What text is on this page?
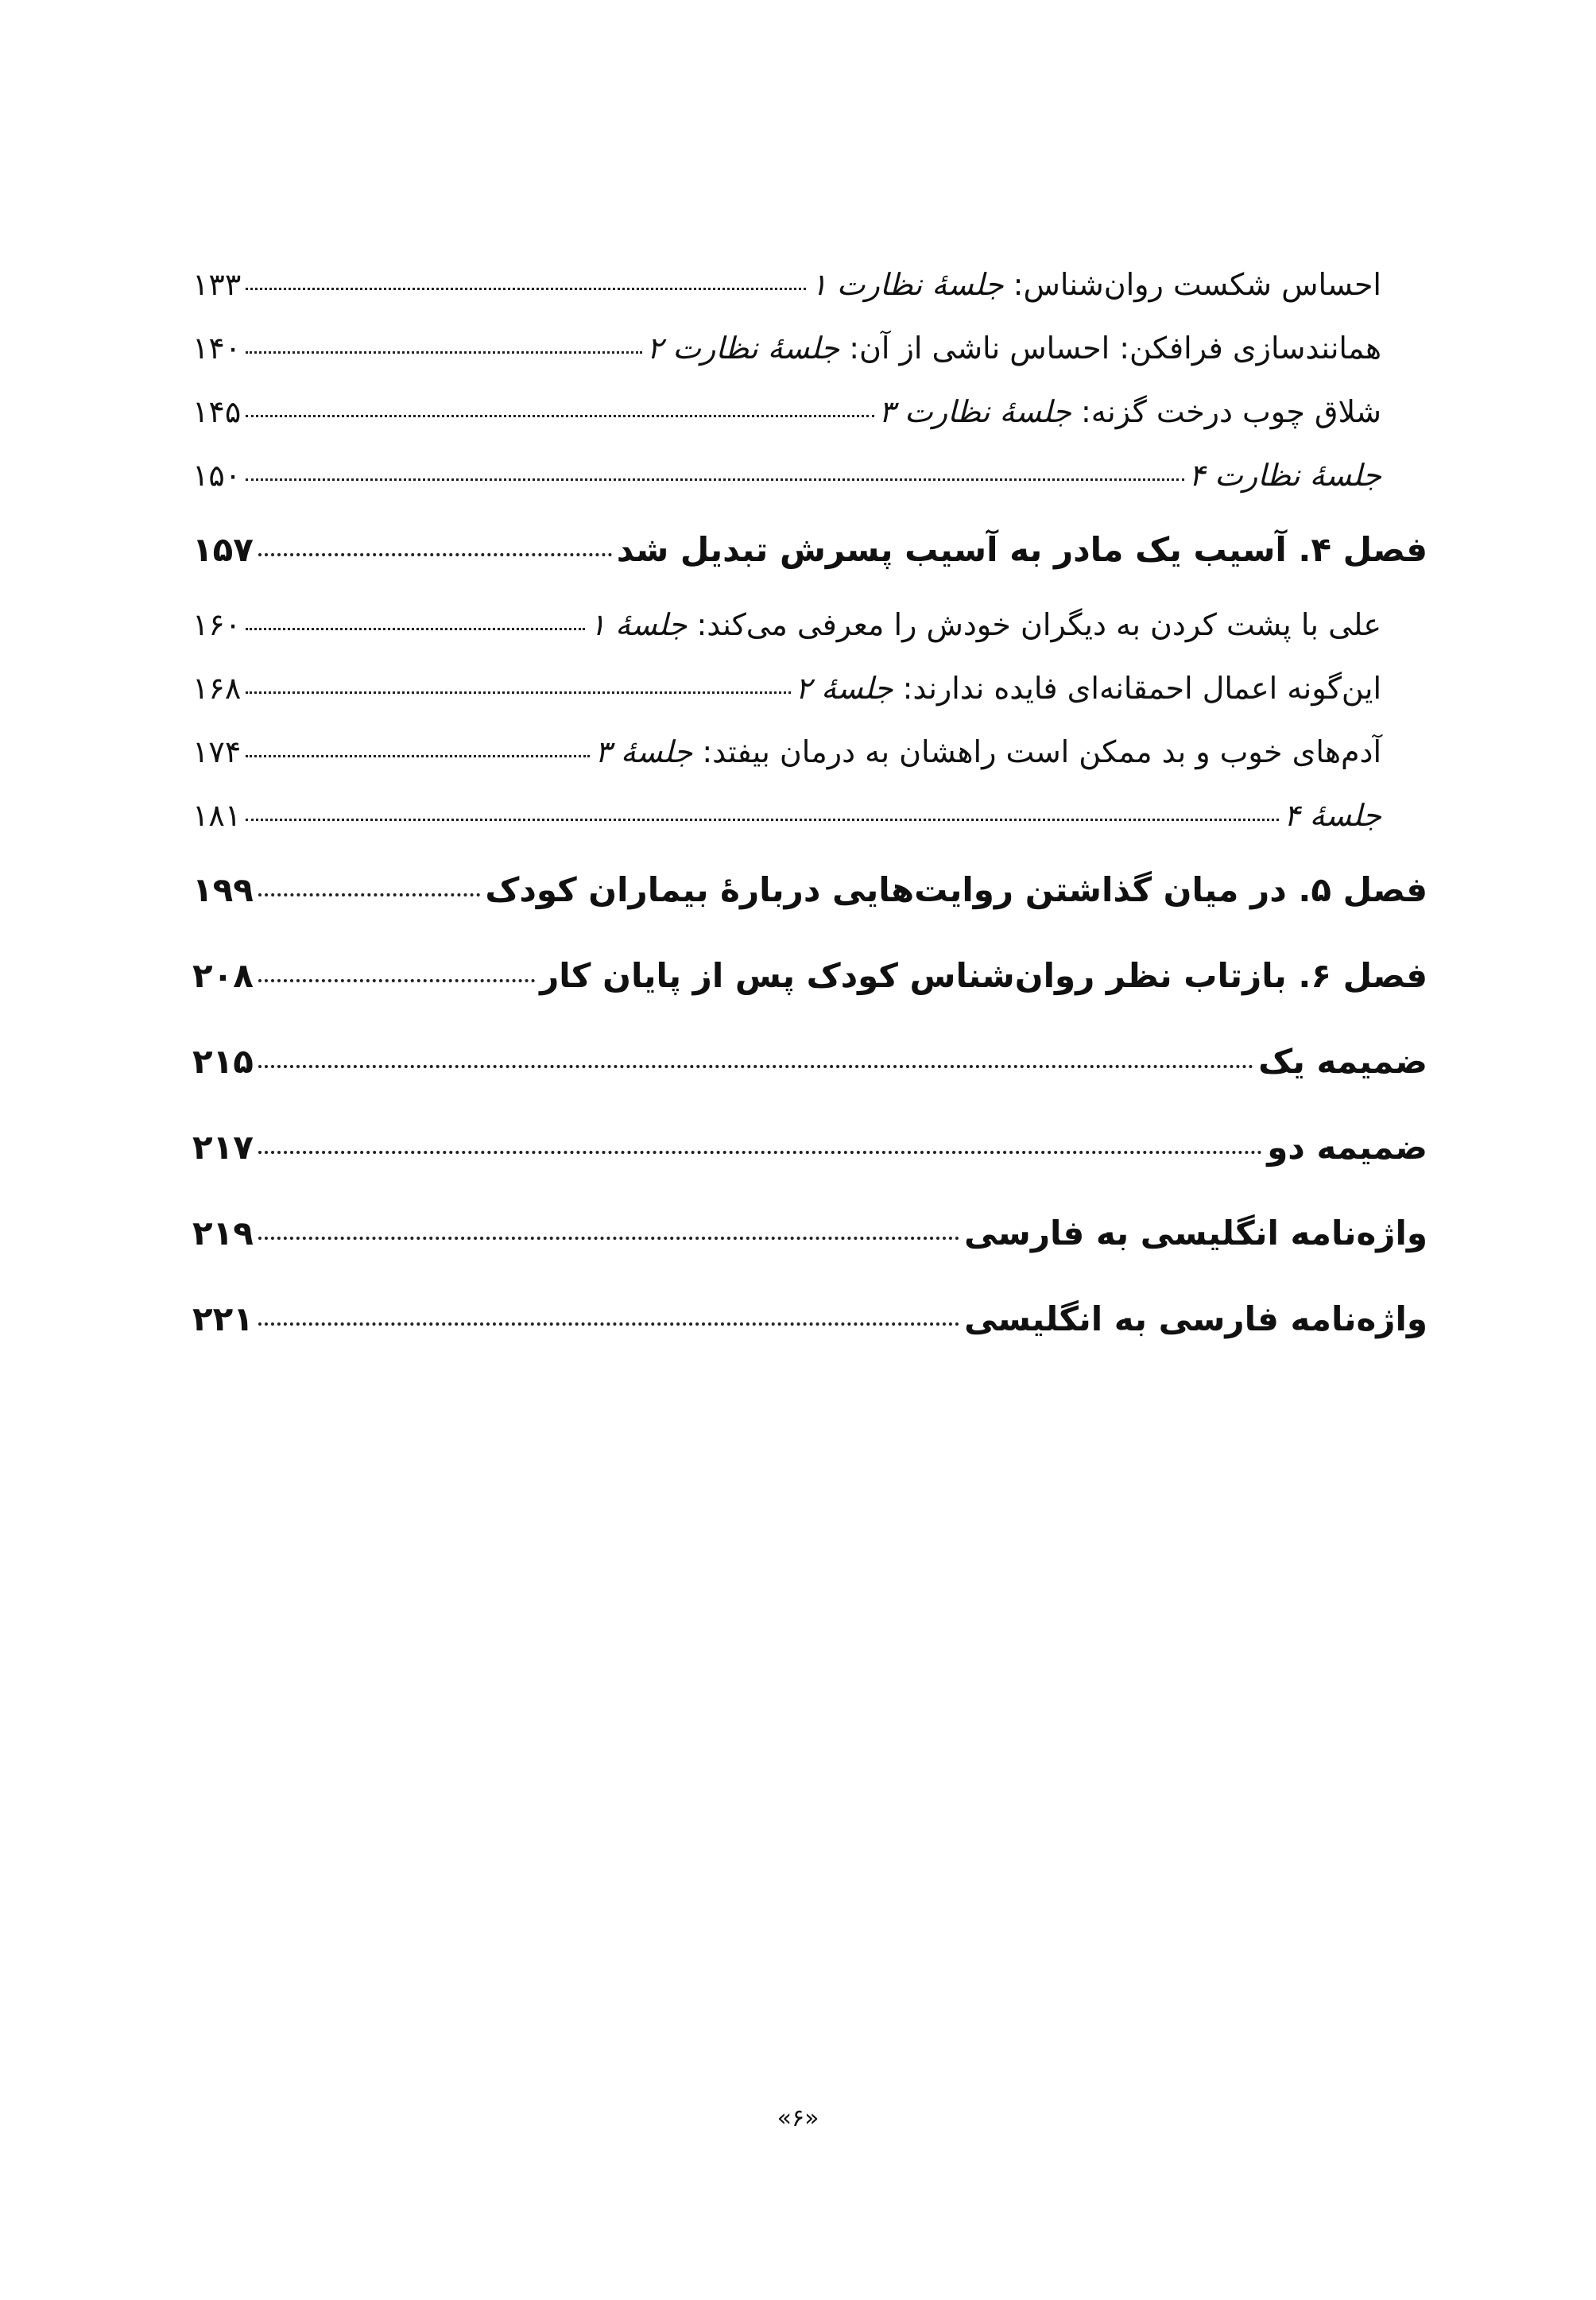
احساس شکست روان‌شناس: جلسهٔ نظارت ۱
۱۳۳
همانندسازی فرافکن: احساس ناشی از آن: جلسهٔ نظارت ۲
۱۴۰
شلاق چوب درخت گزنه: جلسهٔ نظارت ۳
۱۴۵
جلسهٔ نظارت ۴
۱۵۰
فصل ۴. آسیب یک مادر به آسیب پسرش تبدیل شد
۱۵۷
علی با پشت کردن به دیگران خودش را معرفی می‌کند: جلسهٔ ۱
۱۶۰
این‌گونه اعمال احمقانه‌ای فایده ندارند: جلسهٔ ۲
۱۶۸
آدم‌های خوب و بد ممکن است راهشان به درمان بیفتد: جلسهٔ ۳
۱۷۴
جلسهٔ ۴
۱۸۱
فصل ۵. در میان گذاشتن روایت‌هایی دربارهٔ بیماران کودک
۱۹۹
فصل ۶. بازتاب نظر روان‌شناس کودک پس از پایان کار
۲۰۸
ضمیمه یک
۲۱۵
ضمیمه دو
۲۱۷
واژه‌نامه انگلیسی به فارسی
۲۱۹
واژه‌نامه فارسی به انگلیسی
۲۲۱
«۶»
